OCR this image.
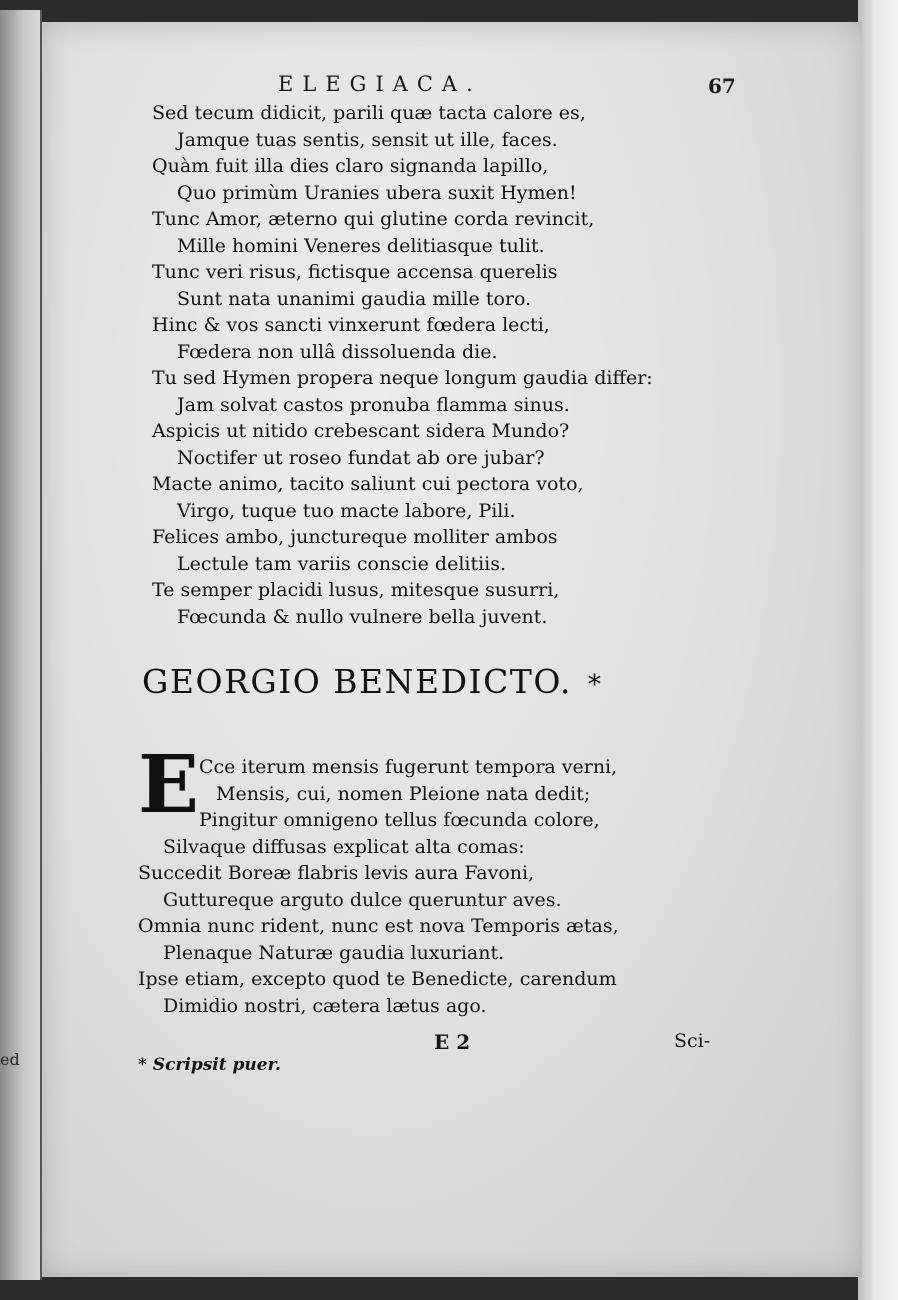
ed
ELEGIACA.	67
Sed tecum didicit, parili quæ tacta calore es,
Jamque tuas sentis, sensit ut ille, faces.
Quàm fuit illa dies claro signanda lapillo,
Quo primùm Uranies ubera suxit Hymen!
Tunc Amor, æterno qui glutine corda revincit,
Mille homini Veneres delitiasque tulit.
Tunc veri risus, fictisque accensa querelis
Sunt nata unanimi gaudia mille toro.
Hinc & vos sancti vinxerunt fœdera lecti,
Fœdera non ullâ dissoluenda die.
Tu sed Hymen propera neque longum gaudia differ:
Jam solvat castos pronuba flamma sinus.
Aspicis ut nitido crebescant sidera Mundo?
Noctifer ut roseo fundat ab ore jubar?
Macte animo, tacito saliunt cui pectora voto,
Virgo, tuque tuo macte labore, Pili.
Felices ambo, junctureque molliter ambos
Lectule tam variis conscie delitiis.
Te semper placidi lusus, mitesque susurri,
Fœcunda & nullo vulnere bella juvent.
GEORGIO BENEDICTO. *
E Cce iterum mensis fugerunt tempora verni,
Mensis, cui, nomen Pleione nata dedit;
Pingitur omnigeno tellus fœcunda colore,
Silvaque diffusas explicat alta comas:
Succedit Boreæ flabris levis aura Favoni,
Guttureque arguto dulce queruntur aves.
Omnia nunc rident, nunc est nova Temporis ætas,
Plenaque Naturæ gaudia luxuriant.
Ipse etiam, excepto quod te Benedicte, carendum
Dimidio nostri, cætera lætus ago.
E 2	Sci-
* Scripsit puer.
